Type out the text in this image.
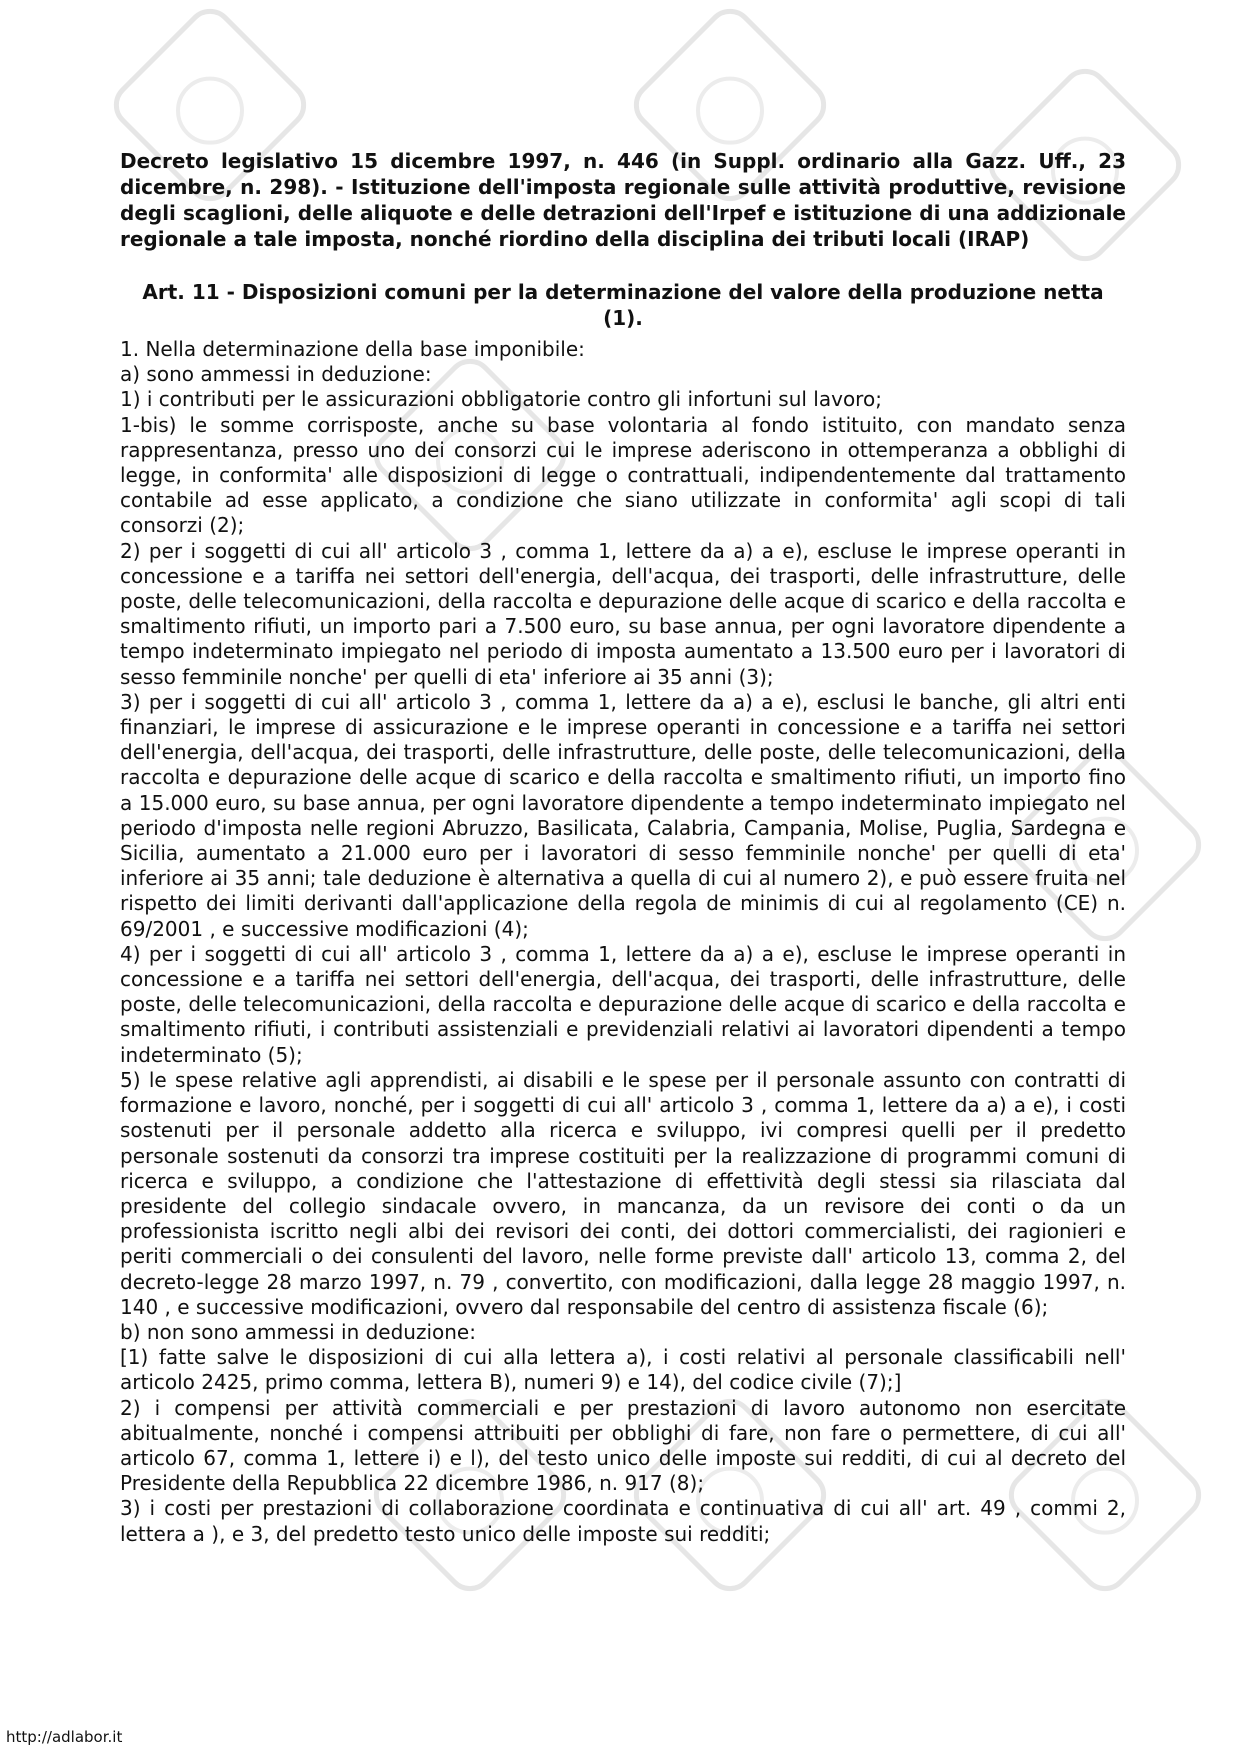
Decreto legislativo 15 dicembre 1997, n. 446 (in Suppl. ordinario alla Gazz. Uff., 23 dicembre, n. 298). - Istituzione dell'imposta regionale sulle attività produttive, revisione degli scaglioni, delle aliquote e delle detrazioni dell'Irpef e istituzione di una addizionale regionale a tale imposta, nonché riordino della disciplina dei tributi locali (IRAP)

Art. 11 - Disposizioni comuni per la determinazione del valore della produzione netta (1).

1. Nella determinazione della base imponibile:

a) sono ammessi in deduzione:

1) i contributi per le assicurazioni obbligatorie contro gli infortuni sul lavoro;

1-bis) le somme corrisposte, anche su base volontaria al fondo istituito, con mandato senza rappresentanza, presso uno dei consorzi cui le imprese aderiscono in ottemperanza a obblighi di legge, in conformita' alle disposizioni di legge o contrattuali, indipendentemente dal trattamento contabile ad esse applicato, a condizione che siano utilizzate in conformita' agli scopi di tali consorzi (2);

2) per i soggetti di cui all' articolo 3 , comma 1, lettere da a) a e), escluse le imprese operanti in concessione e a tariffa nei settori dell'energia, dell'acqua, dei trasporti, delle infrastrutture, delle poste, delle telecomunicazioni, della raccolta e depurazione delle acque di scarico e della raccolta e smaltimento rifiuti, un importo pari a 7.500 euro, su base annua, per ogni lavoratore dipendente a tempo indeterminato impiegato nel periodo di imposta aumentato a 13.500 euro per i lavoratori di sesso femminile nonche' per quelli di eta' inferiore ai 35 anni (3);

3) per i soggetti di cui all' articolo 3 , comma 1, lettere da a) a e), esclusi le banche, gli altri enti finanziari, le imprese di assicurazione e le imprese operanti in concessione e a tariffa nei settori dell'energia, dell'acqua, dei trasporti, delle infrastrutture, delle poste, delle telecomunicazioni, della raccolta e depurazione delle acque di scarico e della raccolta e smaltimento rifiuti, un importo fino a 15.000 euro, su base annua, per ogni lavoratore dipendente a tempo indeterminato impiegato nel periodo d'imposta nelle regioni Abruzzo, Basilicata, Calabria, Campania, Molise, Puglia, Sardegna e Sicilia, aumentato a 21.000 euro per i lavoratori di sesso femminile nonche' per quelli di eta' inferiore ai 35 anni; tale deduzione è alternativa a quella di cui al numero 2), e può essere fruita nel rispetto dei limiti derivanti dall'applicazione della regola de minimis di cui al regolamento (CE) n. 69/2001 , e successive modificazioni (4);

4) per i soggetti di cui all' articolo 3 , comma 1, lettere da a) a e), escluse le imprese operanti in concessione e a tariffa nei settori dell'energia, dell'acqua, dei trasporti, delle infrastrutture, delle poste, delle telecomunicazioni, della raccolta e depurazione delle acque di scarico e della raccolta e smaltimento rifiuti, i contributi assistenziali e previdenziali relativi ai lavoratori dipendenti a tempo indeterminato (5);

5) le spese relative agli apprendisti, ai disabili e le spese per il personale assunto con contratti di formazione e lavoro, nonché, per i soggetti di cui all' articolo 3 , comma 1, lettere da a) a e), i costi sostenuti per il personale addetto alla ricerca e sviluppo, ivi compresi quelli per il predetto personale sostenuti da consorzi tra imprese costituiti per la realizzazione di programmi comuni di ricerca e sviluppo, a condizione che l'attestazione di effettività degli stessi sia rilasciata dal presidente del collegio sindacale ovvero, in mancanza, da un revisore dei conti o da un professionista iscritto negli albi dei revisori dei conti, dei dottori commercialisti, dei ragionieri e periti commerciali o dei consulenti del lavoro, nelle forme previste dall' articolo 13, comma 2, del decreto-legge 28 marzo 1997, n. 79 , convertito, con modificazioni, dalla legge 28 maggio 1997, n. 140 , e successive modificazioni, ovvero dal responsabile del centro di assistenza fiscale (6);

b) non sono ammessi in deduzione:

[1) fatte salve le disposizioni di cui alla lettera a), i costi relativi al personale classificabili nell' articolo 2425, primo comma, lettera B), numeri 9) e 14), del codice civile (7);]

2) i compensi per attività commerciali e per prestazioni di lavoro autonomo non esercitate abitualmente, nonché i compensi attribuiti per obblighi di fare, non fare o permettere, di cui all' articolo 67, comma 1, lettere i) e l), del testo unico delle imposte sui redditi, di cui al decreto del Presidente della Repubblica 22 dicembre 1986, n. 917 (8);

3) i costi per prestazioni di collaborazione coordinata e continuativa di cui all' art. 49 , commi 2, lettera a ), e 3, del predetto testo unico delle imposte sui redditi;

http://adlabor.it
